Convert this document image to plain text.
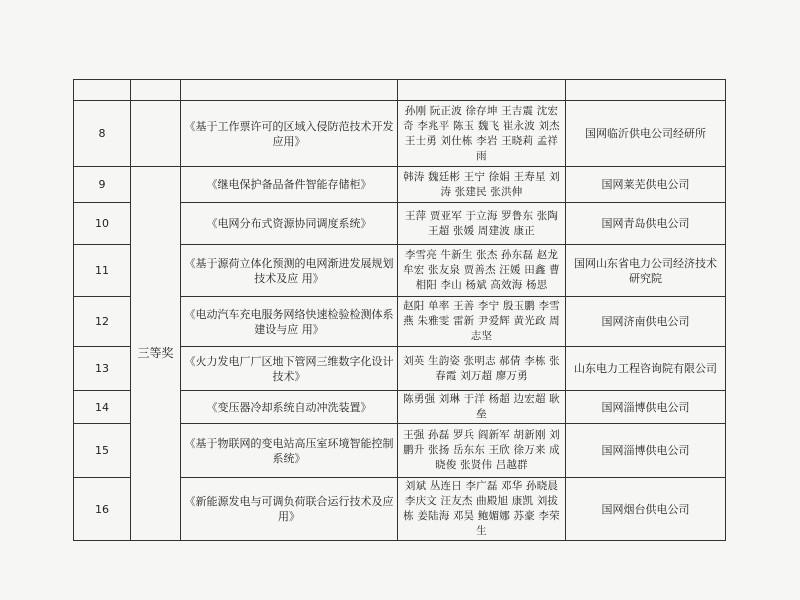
8		《基于工作票许可的区域入侵防范技术开发应用》	孙刚 阮正波 徐存坤 王吉震 沈宏奇 李兆平 陈玉 魏飞 崔永波 刘杰 王士勇 刘仕栋 李岩 王晓莉 孟祥雨	国网临沂供电公司经研所
9	三等奖	《继电保护备品备件智能存储柜》	韩涛 魏廷彬 王宁 徐娟 王寿星 刘涛 张建民 张洪伸	国网莱芜供电公司
10		《电网分布式资源协同调度系统》	王萍 贾亚军 于立海 罗鲁东 张陶 王超 张媛 周建波 康正	国网青岛供电公司
11		《基于源荷立体化预测的电网渐进发展规划技术及应 用》	李雪亮 牛新生 张杰 孙东磊 赵龙 牟宏 张友泉 贾善杰 汪媛 田鑫 曹相阳 李山 杨斌 高效海 杨思	国网山东省电力公司经济技术研究院
12		《电动汽车充电服务网络快速检验检测体系建设与应 用》	赵阳 单率 王善 李宁 殷玉鹏 李雪燕 朱雅雯 雷新 尹爱辉 黄光政 周志坚	国网济南供电公司
13		《火力发电厂厂区地下管网三维数字化设计技术》	刘英 生韵姿 张明志 郝倩 李栋 张春霞 刘万超 廖万勇	山东电力工程咨询院有限公司
14		《变压器冷却系统自动冲洗装置》	陈勇强 刘琳 于洋 杨超 边宏超 耿垒	国网淄博供电公司
15		《基于物联网的变电站高压室环境智能控制系统》	王强 孙磊 罗兵 阎新军 胡新刚 刘鹏升 张扬 岳东东 王欣 徐万来 成晓俊 张贤伟 吕越群	国网淄博供电公司
16		《新能源发电与可调负荷联合运行技术及应用》	刘斌 丛连日 李广磊 邓华 孙晓晨 李庆文 汪友杰 曲殿旭 康凯 刘拔栋 姜陆海 邓昊 鲍媚娜 苏豪 李荣生	国网烟台供电公司
